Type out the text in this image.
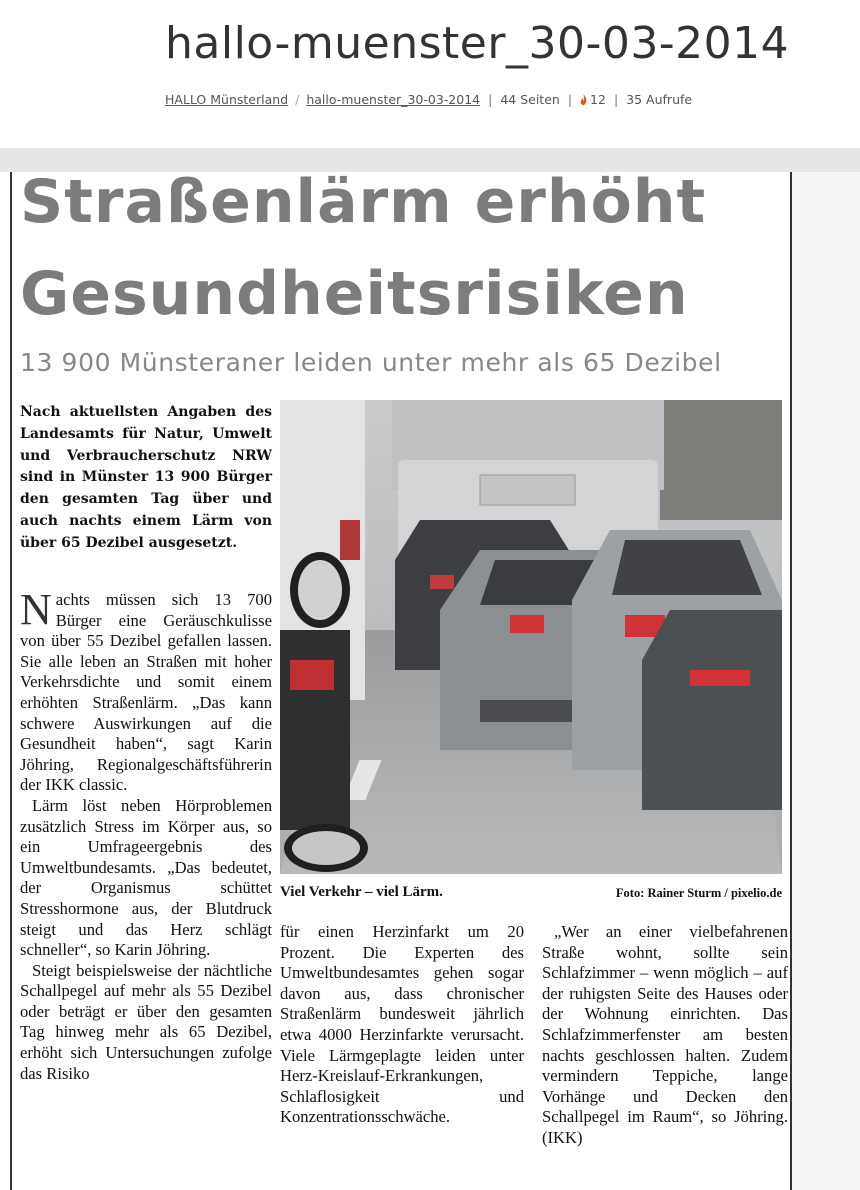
hallo-muenster_30-03-2014
HALLO Münsterland / hallo-muenster_30-03-2014 | 44 Seiten | 12 | 35 Aufrufe
Straßenlärm erhöht
Gesundheitsrisiken
13 900 Münsteraner leiden unter mehr als 65 Dezibel
Nach aktuellsten Angaben des Landesamts für Natur, Umwelt und Verbraucherschutz NRW sind in Münster 13 900 Bürger den gesamten Tag über und auch nachts einem Lärm von über 65 Dezibel ausgesetzt.

Nachts müssen sich 13 700 Bürger eine Geräuschkulisse von über 55 Dezibel gefallen lassen. Sie alle leben an Straßen mit hoher Verkehrsdichte und somit einem erhöhten Straßenlärm. „Das kann schwere Auswirkungen auf die Gesundheit haben“, sagt Karin Jöhring, Regionalgeschäftsführerin der IKK classic.

Lärm löst neben Hörproblemen zusätzlich Stress im Körper aus, so ein Umfrageergebnis des Umweltbundesamts. „Das bedeutet, der Organismus schüttet Stresshormone aus, der Blutdruck steigt und das Herz schlägt schneller“, so Karin Jöhring.

Steigt beispielsweise der nächtliche Schallpegel auf mehr als 55 Dezibel oder beträgt er über den gesamten Tag hinweg mehr als 65 Dezibel, erhöht sich Untersuchungen zufolge das Risiko

Viel Verkehr – viel Lärm.	Foto: Rainer Sturm / pixelio.de

für einen Herzinfarkt um 20 Prozent. Die Experten des Umweltbundesamtes gehen sogar davon aus, dass chronischer Straßenlärm bundesweit jährlich etwa 4000 Herzinfarkte verursacht. Viele Lärmgeplagte leiden unter Herz-Kreislauf-Erkrankungen, Schlaflosigkeit und Konzentrationsschwäche.

„Wer an einer vielbefahrenen Straße wohnt, sollte sein Schlafzimmer – wenn möglich – auf der ruhigsten Seite des Hauses oder der Wohnung einrichten. Das Schlafzimmerfenster am besten nachts geschlossen halten. Zudem vermindern Teppiche, lange Vorhänge und Decken den Schallpegel im Raum“, so Jöhring.(IKK)
